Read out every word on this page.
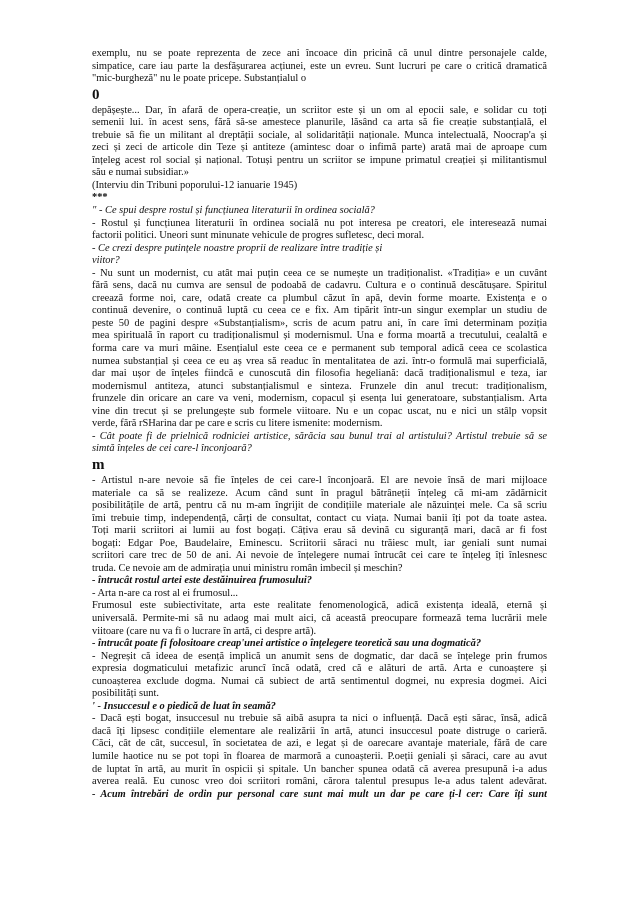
exemplu, nu se poate reprezenta de zece ani încoace din pricină că unul dintre personajele calde,
simpatice, care iau parte la desfășurarea acțiunei, este un evreu. Sunt lucruri pe care o critică dramatică
"mic-burgheză" nu le poate pricepe. Substanțialul o
0
depășește... Dar, în afară de opera-creație, un scriitor este și un om al epocii sale, e solidar cu toți
semenii lui. în acest sens, fără să-se amestece planurile, lăsând ca arta să fie creație substanțială, el
trebuie să fie un militant al dreptății sociale, al solidarității naționale. Munca intelectuală, Noocrap'a și
zeci și zeci de articole din Teze și antiteze (amintesc doar o infimă parte) arată mai de aproape cum
înțeleg acest rol social și național. Totuși pentru un scriitor se impune primatul creației și militantismul
său e numai subsidiar.»
(Interviu din Tribuni poporului-12 ianuarie 1945)
***
" - Ce spui despre rostul și funcțiunea literaturii în ordinea socială?
- Rostul și funcțiunea literaturii în ordinea socială nu pot interesa pe creatori, ele interesează numai
factorii politici. Uneori sunt minunate vehicule de progres sufletesc, deci moral.
- Ce crezi despre putințele noastre proprii de realizare între tradiție și
viitor?
- Nu sunt un modernist, cu atât mai puțin ceea ce se numește un tradiționalist. «Tradiția» e un cuvânt
fără sens, dacă nu cumva are sensul de podoabă de cadavru. Cultura e o continuă descătușare. Spiritul
creează forme noi, care, odată create ca plumbul căzut în apă, devin forme moarte. Existența e o
continuă devenire, o continuă luptă cu ceea ce e fix. Am tipărit într-un singur exemplar un studiu de
peste 50 de pagini despre «Substanțialism», scris de acum patru ani, în care îmi determinam poziția
mea spirituală în raport cu tradiționalismul și modernismul. Una e forma moartă a trecutului, cealaltă e
forma care va muri mâine. Esențialul este ceea ce e permanent sub temporal adică ceea ce scolastica
numea substanțial și ceea ce eu aș vrea să readuc în mentalitatea de azi. într-o formulă mai superficială,
dar mai ușor de înțeles fiindcă e cunoscută din filosofia hegeliană: dacă tradiționalismul e teza, iar
modernismul antiteza, atunci substanțialismul e sinteza. Frunzele din anul trecut: tradiționalism,
frunzele din oricare an care va veni, modernism, copacul și esența lui generatoare, substanțialism. Arta
vine din trecut și se prelungește sub formele viitoare. Nu e un copac uscat, nu e nici un stâlp vopsit
verde, fără rSHarina dar pe care e scris cu litere ismenite: modernism.
- Cât poate fi de prielnică rodniciei artistice, sărăcia sau bunul trai al artistului? Artistul trebuie să se
simtă înțeles de cei care-l înconjoară?
m
- Artistul n-are nevoie să fie înțeles de cei care-l înconjoară. El are nevoie însă de mari mijloace
materiale ca să se realizeze. Acum când sunt în pragul bătrâneții înțeleg că mi-am zădărnicit
posibilitățile de artă, pentru că nu m-am îngrijit de condițiile materiale ale năzuinței mele. Ca să scriu
îmi trebuie timp, independență, cărți de consultat, contact cu viața. Numai banii îți pot da toate astea.
Toți marii scriitori ai lumii au fost bogați. Câțiva erau să devină cu siguranță mari, dacă ar fi fost
bogați: Edgar Poe, Baudelaire, Eminescu. Scriitorii săraci nu trăiesc mult, iar geniali sunt numai
scriitori care trec de 50 de ani. Ai nevoie de înțelegere numai întrucât cei care te înțeleg îți înlesnesc
truda. Ce nevoie am de admirația unui ministru român imbecil și meschin?
- întrucât rostul artei este destăinuirea frumosului?
- Arta n-are ca rost al ei frumosul...
Frumosul este subiectivitate, arta este realitate fenomenologică, adică existența ideală, eternă și
universală. Permite-mi să nu adaog mai mult aici, că această preocupare formează tema lucrării mele
viitoare (care nu va fi o lucrare în artă, ci despre artă).
- întrucât poate fi folositoare creap'unei artistice o înțelegere teoretică sau una dogmatică?
- Negreșit că ideea de esență implică un anumit sens de dogmatic, dar dacă se înțelege prin frumos
expresia dogmaticului metafizic aruncî încă odată, cred că e alături de artă. Arta e cunoaștere și
cunoașterea exclude dogma. Numai că subiect de artă sentimentul dogmei, nu expresia dogmei. Aici
posibilități sunt.
' - Insuccesul e o piedică de luat în seamă?
- Dacă ești bogat, insuccesul nu trebuie să aibă asupra ta nici o influență. Dacă ești sărac, însă, adică
dacă îți lipsesc condițiile elementare ale realizării în artă, atunci insuccesul poate distruge o carieră.
Căci, cât de cât, succesul, în societatea de azi, e legat și de oarecare avantaje materiale, fără de care
lumile haotice nu se pot topi în floarea de marmoră a cunoașterii. P.oeții geniali și săraci, care au avut
de luptat în artă, au murit în ospicii și spitale. Un bancher spunea odată că averea presupună i-a adus
averea reală. Eu cunosc vreo doi scriitori români, cărora talentul presupus le-a adus talent adevărat.
- Acum întrebări de ordin pur personal care sunt mai mult un dar pe care ți-l cer: Care îți sunt
